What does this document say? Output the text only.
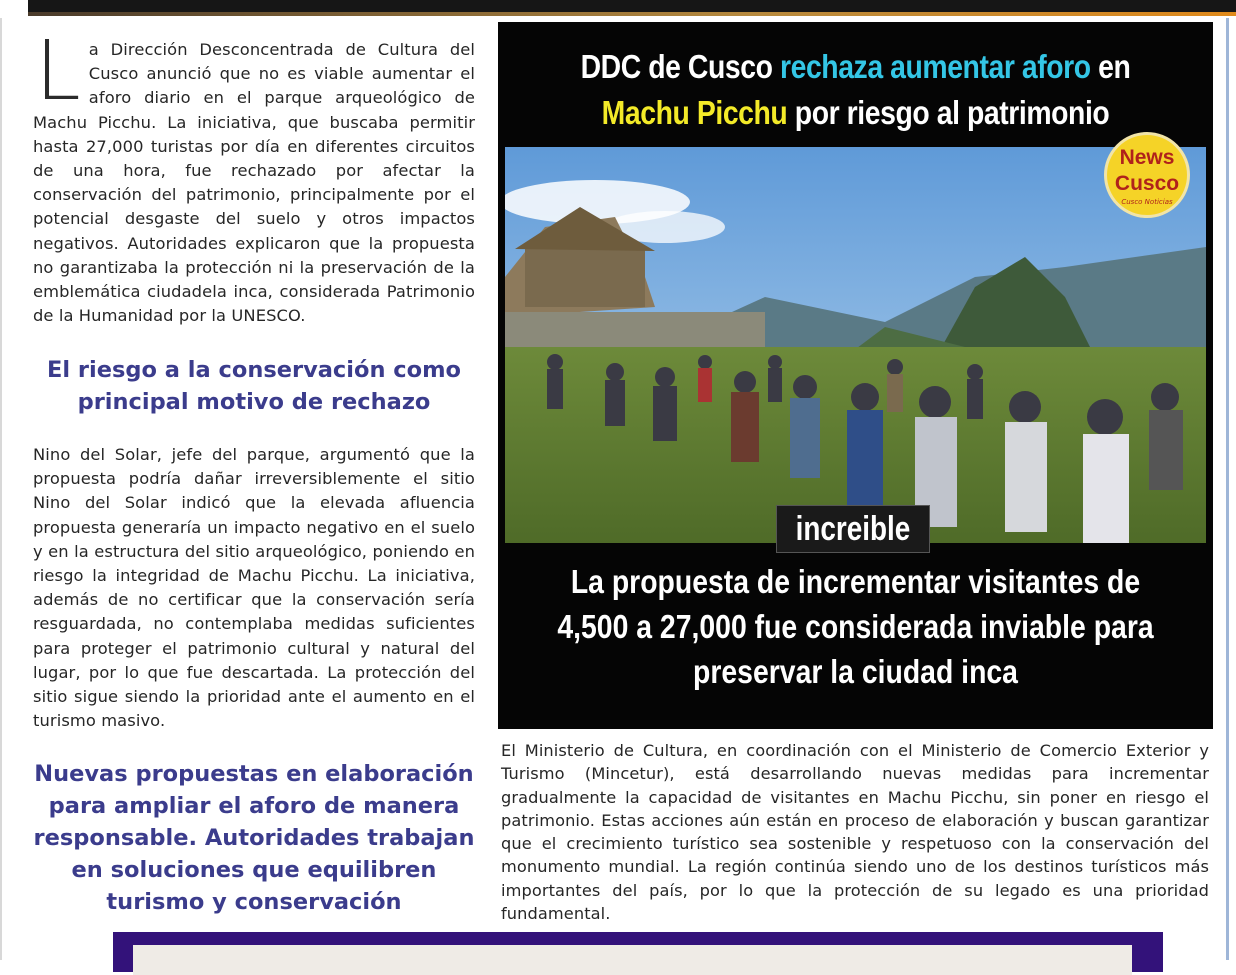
La Dirección Desconcentrada de Cultura del Cusco anunció que no es viable aumentar el aforo diario en el parque arqueológico de Machu Picchu. La iniciativa, que buscaba permitir hasta 27,000 turistas por día en diferentes circuitos de una hora, fue rechazado por afectar la conservación del patrimonio, principalmente por el potencial desgaste del suelo y otros impactos negativos. Autoridades explicaron que la propuesta no garantizaba la protección ni la preservación de la emblemática ciudadela inca, considerada Patrimonio de la Humanidad por la UNESCO.

El riesgo a la conservación como principal motivo de rechazo

Nino del Solar, jefe del parque, argumentó que la propuesta podría dañar irreversiblemente el sitio Nino del Solar indicó que la elevada afluencia propuesta generaría un impacto negativo en el suelo y en la estructura del sitio arqueológico, poniendo en riesgo la integridad de Machu Picchu. La iniciativa, además de no certificar que la conservación sería resguardada, no contemplaba medidas suficientes para proteger el patrimonio cultural y natural del lugar, por lo que fue descartada. La protección del sitio sigue siendo la prioridad ante el aumento en el turismo masivo.

Nuevas propuestas en elaboración para ampliar el aforo de manera responsable. Autoridades trabajan en soluciones que equilibren turismo y conservación
DDC de Cusco rechaza aumentar aforo en Machu Picchu por riesgo al patrimonio
News
Cusco
Cusco Noticias
increible
La propuesta de incrementar visitantes de 4,500 a 27,000 fue considerada inviable para preservar la ciudad inca

El Ministerio de Cultura, en coordinación con el Ministerio de Comercio Exterior y Turismo (Mincetur), está desarrollando nuevas medidas para incrementar gradualmente la capacidad de visitantes en Machu Picchu, sin poner en riesgo el patrimonio. Estas acciones aún están en proceso de elaboración y buscan garantizar que el crecimiento turístico sea sostenible y respetuoso con la conservación del monumento mundial. La región continúa siendo uno de los destinos turísticos más importantes del país, por lo que la protección de su legado es una prioridad fundamental.
